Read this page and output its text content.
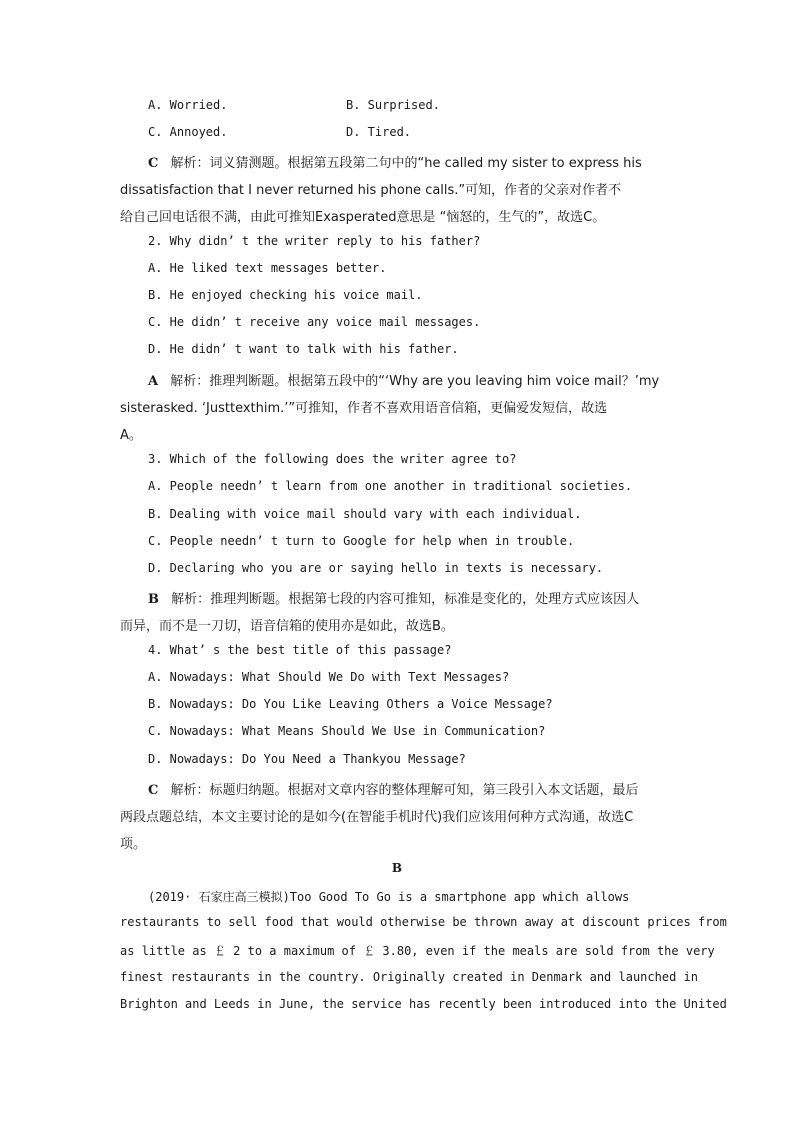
A. Worried.	B. Surprised.
C. Annoyed.	D. Tired.
C 解析：词义猜测题。根据第五段第二句中的“he called my sister to express his
dissatisfaction that I never returned his phone calls.”可知，作者的父亲对作者不
给自己回电话很不满，由此可推知Exasperated意思是 “恼怒的，生气的”，故选C。
2. Why didn’ t the writer reply to his father?
A. He liked text messages better.
B. He enjoyed checking his voice mail.
C. He didn’ t receive any voice mail messages.
D. He didn’ t want to talk with his father.
A 解析：推理判断题。根据第五段中的“‘Why are you leaving him voice mail？’my
sisterasked. ‘Justtexthim.’”可推知，作者不喜欢用语音信箱，更偏爱发短信，故选
A。
3. Which of the following does the writer agree to?
A. People needn’ t learn from one another in traditional societies.
B. Dealing with voice mail should vary with each individual.
C. People needn’ t turn to Google for help when in trouble.
D. Declaring who you are or saying hello in texts is necessary.
B 解析：推理判断题。根据第七段的内容可推知，标准是变化的，处理方式应该因人
而异，而不是一刀切，语音信箱的使用亦是如此，故选B。
4. What’ s the best title of this passage?
A. Nowadays: What Should We Do with Text Messages?
B. Nowadays: Do You Like Leaving Others a Voice Message?
C. Nowadays: What Means Should We Use in Communication?
D. Nowadays: Do You Need a Thankyou Message?
C 解析：标题归纳题。根据对文章内容的整体理解可知，第三段引入本文话题，最后
两段点题总结，本文主要讨论的是如今(在智能手机时代)我们应该用何种方式沟通，故选C
项。
B
(2019· 石家庄高三模拟)Too Good To Go is a smartphone app which allows
restaurants to sell food that would otherwise be thrown away at discount prices from
as little as ￡ 2 to a maximum of ￡ 3.80, even if the meals are sold from the very
finest restaurants in the country. Originally created in Denmark and launched in
Brighton and Leeds in June, the service has recently been introduced into the United
